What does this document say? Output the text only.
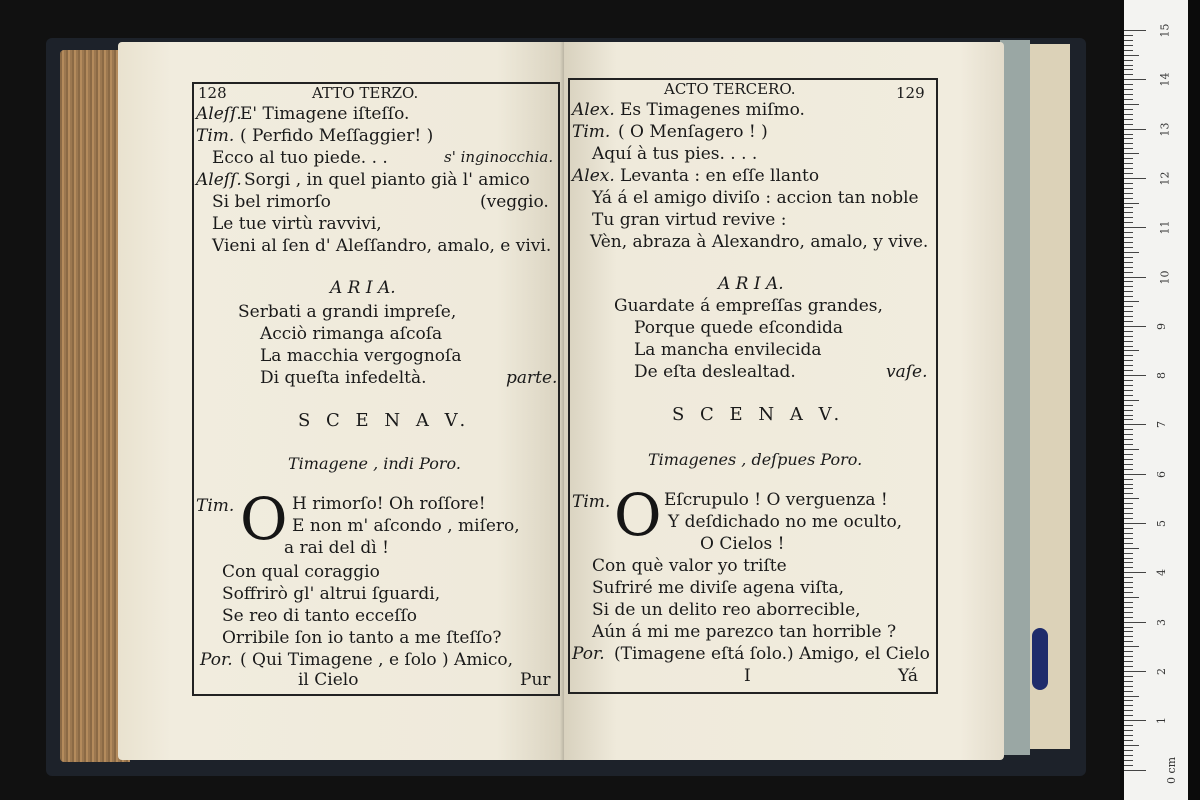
128	ATTO TERZO.
Aleſſ.
E' Timagene iſteſſo.
Tim. ( Perfido Meſſaggier! )
Ecco al tuo piede. . .	s' inginocchia.
Aleſſ. Sorgi , in quel pianto già l' amico
Si bel rimorſo	(veggio.
Le tue virtù ravvivi,
Vieni al ſen d' Aleſſandro, amalo, e vivi.
A R I A.
Serbati a grandi impreſe,
Acciò rimanga aſcoſa
La macchia vergognoſa
Di queſta infedeltà.	parte.
S C E N A V.
Timagene , indi Poro.
Tim. O H rimorſo! Oh roſſore!
E non m' aſcondo , miſero,
a rai del dì !
Con qual coraggio
Soffrirò gl' altrui ſguardi,
Se reo di tanto ecceſſo
Orribile ſon io tanto a me ſteſſo?
Por. ( Qui Timagene , e ſolo ) Amico,
il Cielo	Pur
ACTO TERCERO.	129
Alex. Es Timagenes miſmo.
Tim. ( O Menſagero ! )
Aquí à tus pies. . . .
Alex. Levanta : en eſſe llanto
Yá á el amigo diviſo : accion tan noble
Tu gran virtud revive :
Vèn, abraza à Alexandro, amalo, y vive.
A R I A.
Guardate á empreſſas grandes,
Porque quede eſcondida
La mancha envilecida
De eſta deslealtad.	vaſe.
S C E N A V.
Timagenes , deſpues Poro.
Tim. O Eſcrupulo ! O verguenza !
Y deſdichado no me oculto,
O Cielos !
Con què valor yo triſte
Sufriré me diviſe agena viſta,
Si de un delito reo aborrecible,
Aún á mi me parezco tan horrible ?
Por. (Timagene eſtá ſolo.) Amigo, el Cielo
I	Yá
15
14
13
12
11
10
9
8
7
6
5
4
3
2
1
0 cm
